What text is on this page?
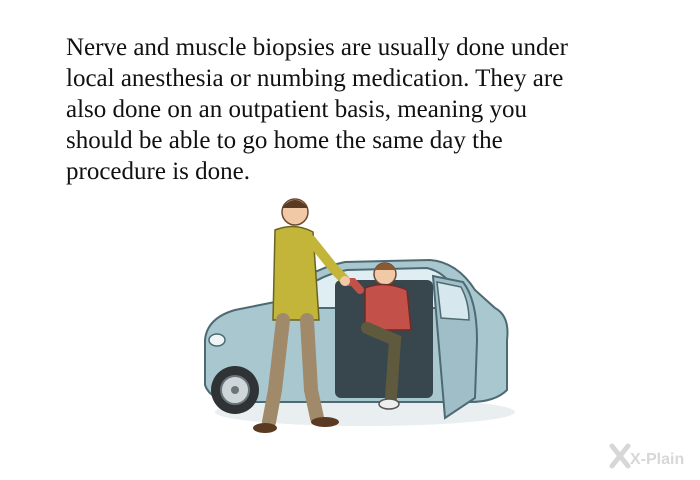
Nerve and muscle biopsies are usually done under
local anesthesia or numbing medication. They are
also done on an outpatient basis, meaning you
should be able to go home the same day the
procedure is done.

X-Plain
